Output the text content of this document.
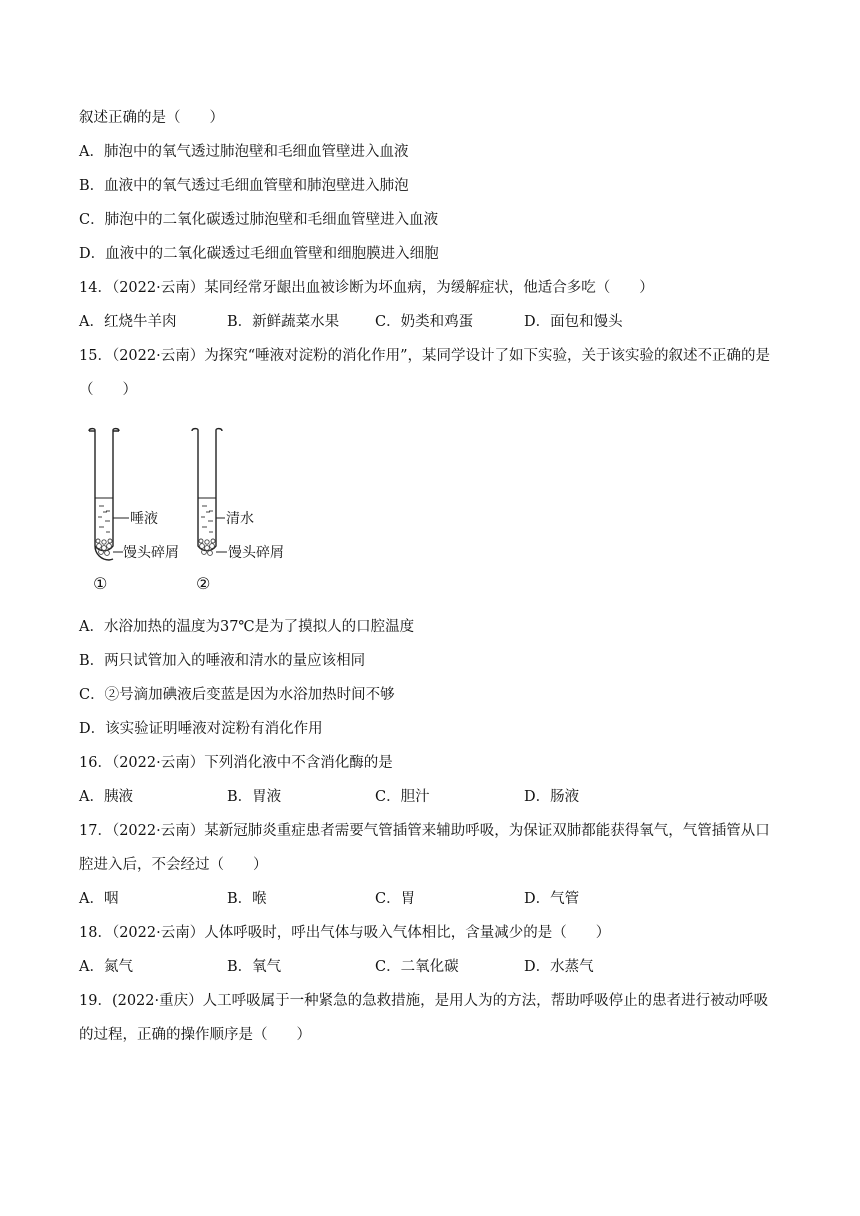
叙述正确的是（　　）
A．肺泡中的氧气透过肺泡壁和毛细血管壁进入血液
B．血液中的氧气透过毛细血管壁和肺泡壁进入肺泡
C．肺泡中的二氧化碳透过肺泡壁和毛细血管壁进入血液
D．血液中的二氧化碳透过毛细血管壁和细胞膜进入细胞
14．（2022·云南）某同经常牙龈出血被诊断为坏血病，为缓解症状，他适合多吃（　　）
A．红烧牛羊肉	B．新鲜蔬菜水果 C．奶类和鸡蛋	D．面包和馒头
15．（2022·云南）为探究“唾液对淀粉的消化作用”，某同学设计了如下实验，关于该实验的叙述不正确的是
（　　）
唾液
馒头碎屑
①
清水
馒头碎屑
②
A．水浴加热的温度为37℃是为了摸拟人的口腔温度
B．两只试管加入的唾液和清水的量应该相同
C．②号滴加碘液后变蓝是因为水浴加热时间不够
D．该实验证明唾液对淀粉有消化作用
16．（2022·云南）下列消化液中不含消化酶的是
A．胰液	B．胃液	C．胆汁	D．肠液
17．（2022·云南）某新冠肺炎重症患者需要气管插管来辅助呼吸，为保证双肺都能获得氧气，气管插管从口
腔进入后，不会经过（　　）
A．咽	B．喉	C．胃	D．气管
18．（2022·云南）人体呼吸时，呼出气体与吸入气体相比，含量减少的是（　　）
A．氮气	B．氧气	C．二氧化碳	D．水蒸气
19．(2022·重庆）人工呼吸属于一种紧急的急救措施，是用人为的方法，帮助呼吸停止的患者进行被动呼吸
的过程，正确的操作顺序是（　　）
